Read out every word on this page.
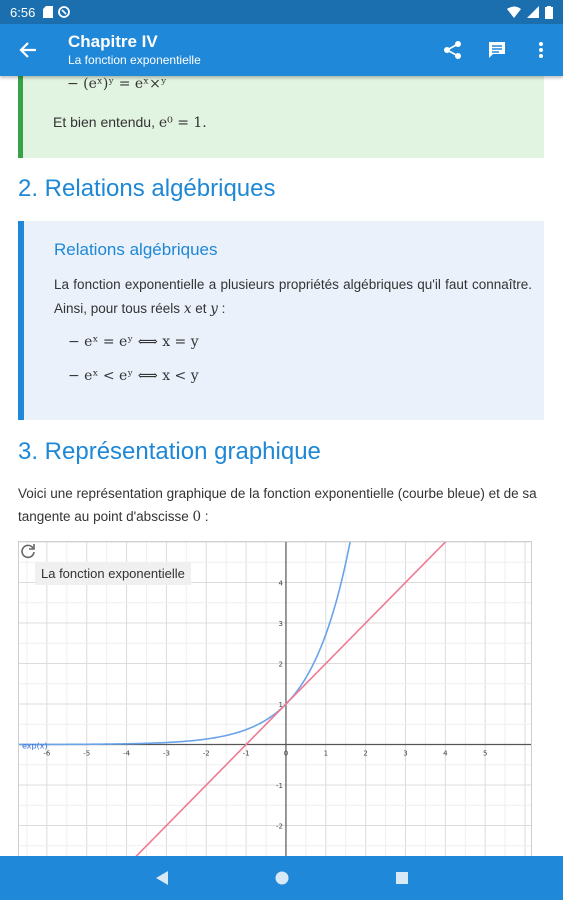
6:56
Chapitre IV
La fonction exponentielle
− (eˣ)ʸ = eˣ×ʸ
Et bien entendu, e⁰ = 1.
2. Relations algébriques
Relations algébriques
La fonction exponentielle a plusieurs propriétés algébriques qu'il faut connaître. Ainsi, pour tous réels x et y :
− eˣ = eʸ ⟺ x = y
− eˣ < eʸ ⟺ x < y
3. Représentation graphique
Voici une représentation graphique de la fonction exponentielle (courbe bleue) et de sa tangente au point d'abscisse 0 :
-6	-5	-4	-3	-2	-1	0	1	2	3	4	5
-2
-1
1
2
3
4
exp(x)
La fonction exponentielle
